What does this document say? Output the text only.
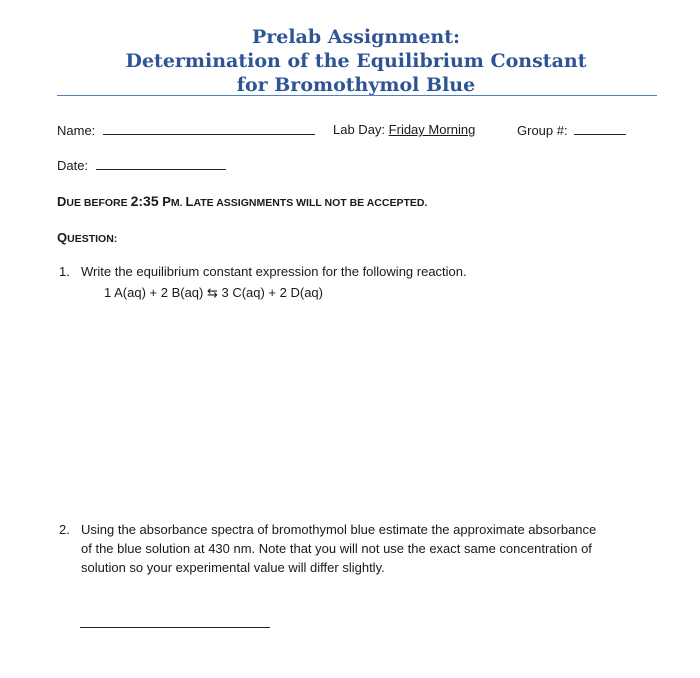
Prelab Assignment:
Determination of the Equilibrium Constant
for Bromothymol Blue
Name:	Lab Day: Friday Morning	Group #:
Date:
DUE BEFORE 2:35 PM. LATE ASSIGNMENTS WILL NOT BE ACCEPTED.
QUESTION:
1. Write the equilibrium constant expression for the following reaction.
1 A(aq) + 2 B(aq) ⇆ 3 C(aq) + 2 D(aq)
2. Using the absorbance spectra of bromothymol blue estimate the approximate absorbance
of the blue solution at 430 nm. Note that you will not use the exact same concentration of
solution so your experimental value will differ slightly.
